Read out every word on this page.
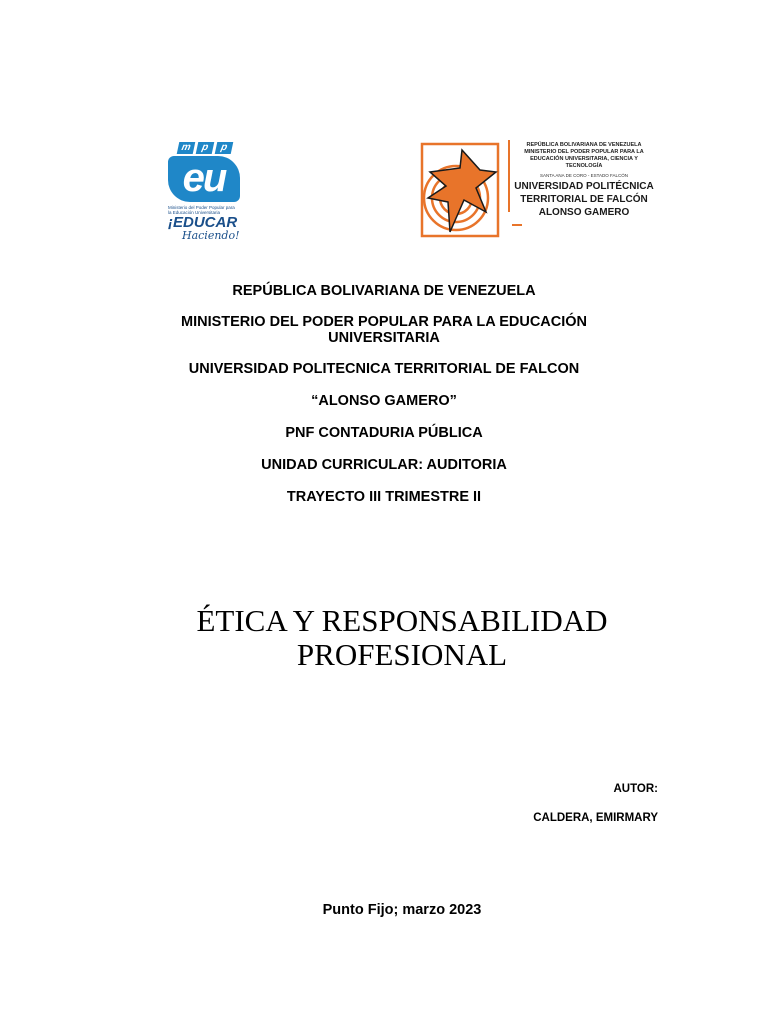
m p	p
eu
Ministerio del Poder Popular para la Educación Universitaria
¡EDUCAR
Haciendo!
REPÚBLICA BOLIVARIANA DE VENEZUELA
MINISTERIO DEL PODER POPULAR PARA LA
EDUCACIÓN UNIVERSITARIA, CIENCIA Y TECNOLOGÍA
SANTA ANA DE CORO - ESTADO FALCÓN
UNIVERSIDAD POLITÉCNICA
TERRITORIAL DE FALCÓN
ALONSO GAMERO

REPÚBLICA BOLIVARIANA DE VENEZUELA

MINISTERIO DEL PODER POPULAR PARA LA EDUCACIÓN UNIVERSITARIA

UNIVERSIDAD POLITECNICA TERRITORIAL DE FALCON

“ALONSO GAMERO”

PNF CONTADURIA PÚBLICA

UNIDAD CURRICULAR: AUDITORIA

TRAYECTO III TRIMESTRE II

ÉTICA Y RESPONSABILIDAD

PROFESIONAL

AUTOR:
CALDERA, EMIRMARY
Punto Fijo; marzo 2023
